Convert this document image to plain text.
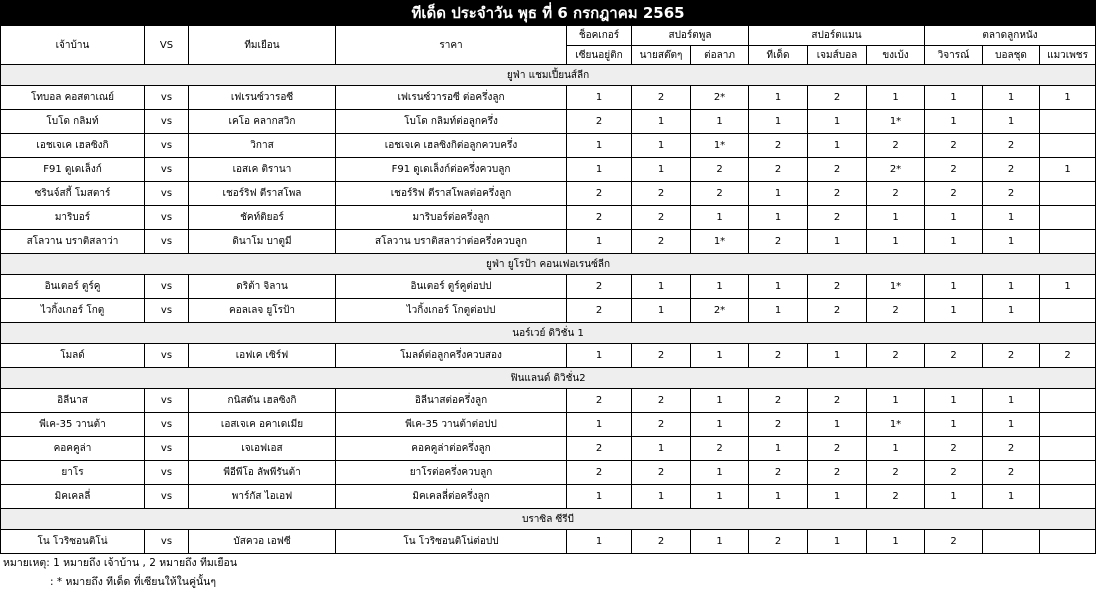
ทีเด็ด ประจำวัน พุธ ที่ 6 กรกฎาคม 2565												
เจ้าบ้าน	VS	ทีมเยือน	ราคา	ช็อคเกอร์	สปอร์ตพูล		สปอร์ตแมน			ตลาดลูกหนัง		
				เซียนอยู่ติก	นายสต๊ตๆ	ต่อลาภ	ทีเด็ด	เจมส์บอล	ขงเบ้ง	วิจารณ์	บอลชุด	แมวเพชร
ยูฟ่า แชมเปี้ยนส์ลีก												
โทบอล คอสตาเณย์	vs	เฟเรนซ์วารอซี	เฟเรนซ์วารอซี ต่อครึ่งลูก	1	2	2*	1	2	1	1	1	1
โบโด กลิมท์	vs	เคโอ คลากสวิก	โบโด กลิมท์ต่อลูกครึ่ง	2	1	1	1	1	1*	1	1	
เอชเจเค เฮลซิงกิ	vs	วิกาส	เอชเจเค เฮลซิงกิต่อลูกควบครึ่ง	1	1	1*	2	1	2	2	2	
F91 ดูเดเล็งก์	vs	เอสเค ติรานา	F91 ดูเดเล็งก์ต่อครึ่งควบลูก	1	1	2	2	2	2*	2	2	1
ซรินจ์สกี้ โมสตาร์	vs	เชอร์ริฟ ตีราสโพล	เชอร์ริฟ ตีราสโพลต่อครึ่งลูก	2	2	2	1	2	2	2	2	
มาริบอร์	vs	ชัคท์ติยอร์	มาริบอร์ต่อครึ่งลูก	2	2	1	1	2	1	1	1	
สโลวาน บราติสลาว่า	vs	ดินาโม บาตูมี	สโลวาน บราติสลาว่าต่อครึ่งควบลูก	1	2	1*	2	1	1	1	1	
ยูฟ่า ยูโรป้า คอนเฟอเรนซ์ลีก												
อินเตอร์ ตูร์คู	vs	ดริต้า จิลาน	อินเตอร์ ตูร์คูต่อปป	2	1	1	1	2	1*	1	1	1
ไวกิ้งเกอร์ โกตู	vs	คอลเลจ ยูโรป้า	ไวกิ้งเกอร์ โกตูต่อปป	2	1	2*	1	2	2	1	1	
นอร์เวย์ ดิวิชั่น 1												
โมลด์	vs	เอฟเค เซิร์ฟ	โมลด์ต่อลูกครึ่งควบสอง	1	2	1	2	1	2	2	2	2
ฟินแลนด์ ดิวิชั่น2												
อิลีนาส	vs	กนิสดัน เฮลซิงกิ	อิลีนาสต่อครึ่งลูก	2	2	1	2	2	1	1	1	
พีเค-35 วานต้า	vs	เอสเจเค อคาเดเมีย	พีเค-35 วานต้าต่อปป	1	2	1	2	1	1*	1	1	
คอคคูล่า	vs	เจเอฟเอส	คอคคูล่าต่อครึ่งลูก	2	1	2	1	2	1	2	2	
ยาโร	vs	พีอีพีโอ ลัพพีรันต้า	ยาโรต่อครึ่งควบลูก	2	2	1	2	2	2	2	2	
มิคเคลลี่	vs	พาร์กัส ไอเอฟ	มิคเคลลี่ต่อครึ่งลูก	1	1	1	1	1	2	1	1	
บราซิล ซีรีบี												
โน โวริซอนติโน่	vs	บัสควอ เอฟซี	โน โวริซอนติโน่ต่อปป	1	2	1	2	1	1	2		
หมายเหตุ: 1 หมายถึง เจ้าบ้าน , 2 หมายถึง ทีมเยือน
: * หมายถึง ทีเด็ด ที่เซียนให้ในคู่นั้นๆ
